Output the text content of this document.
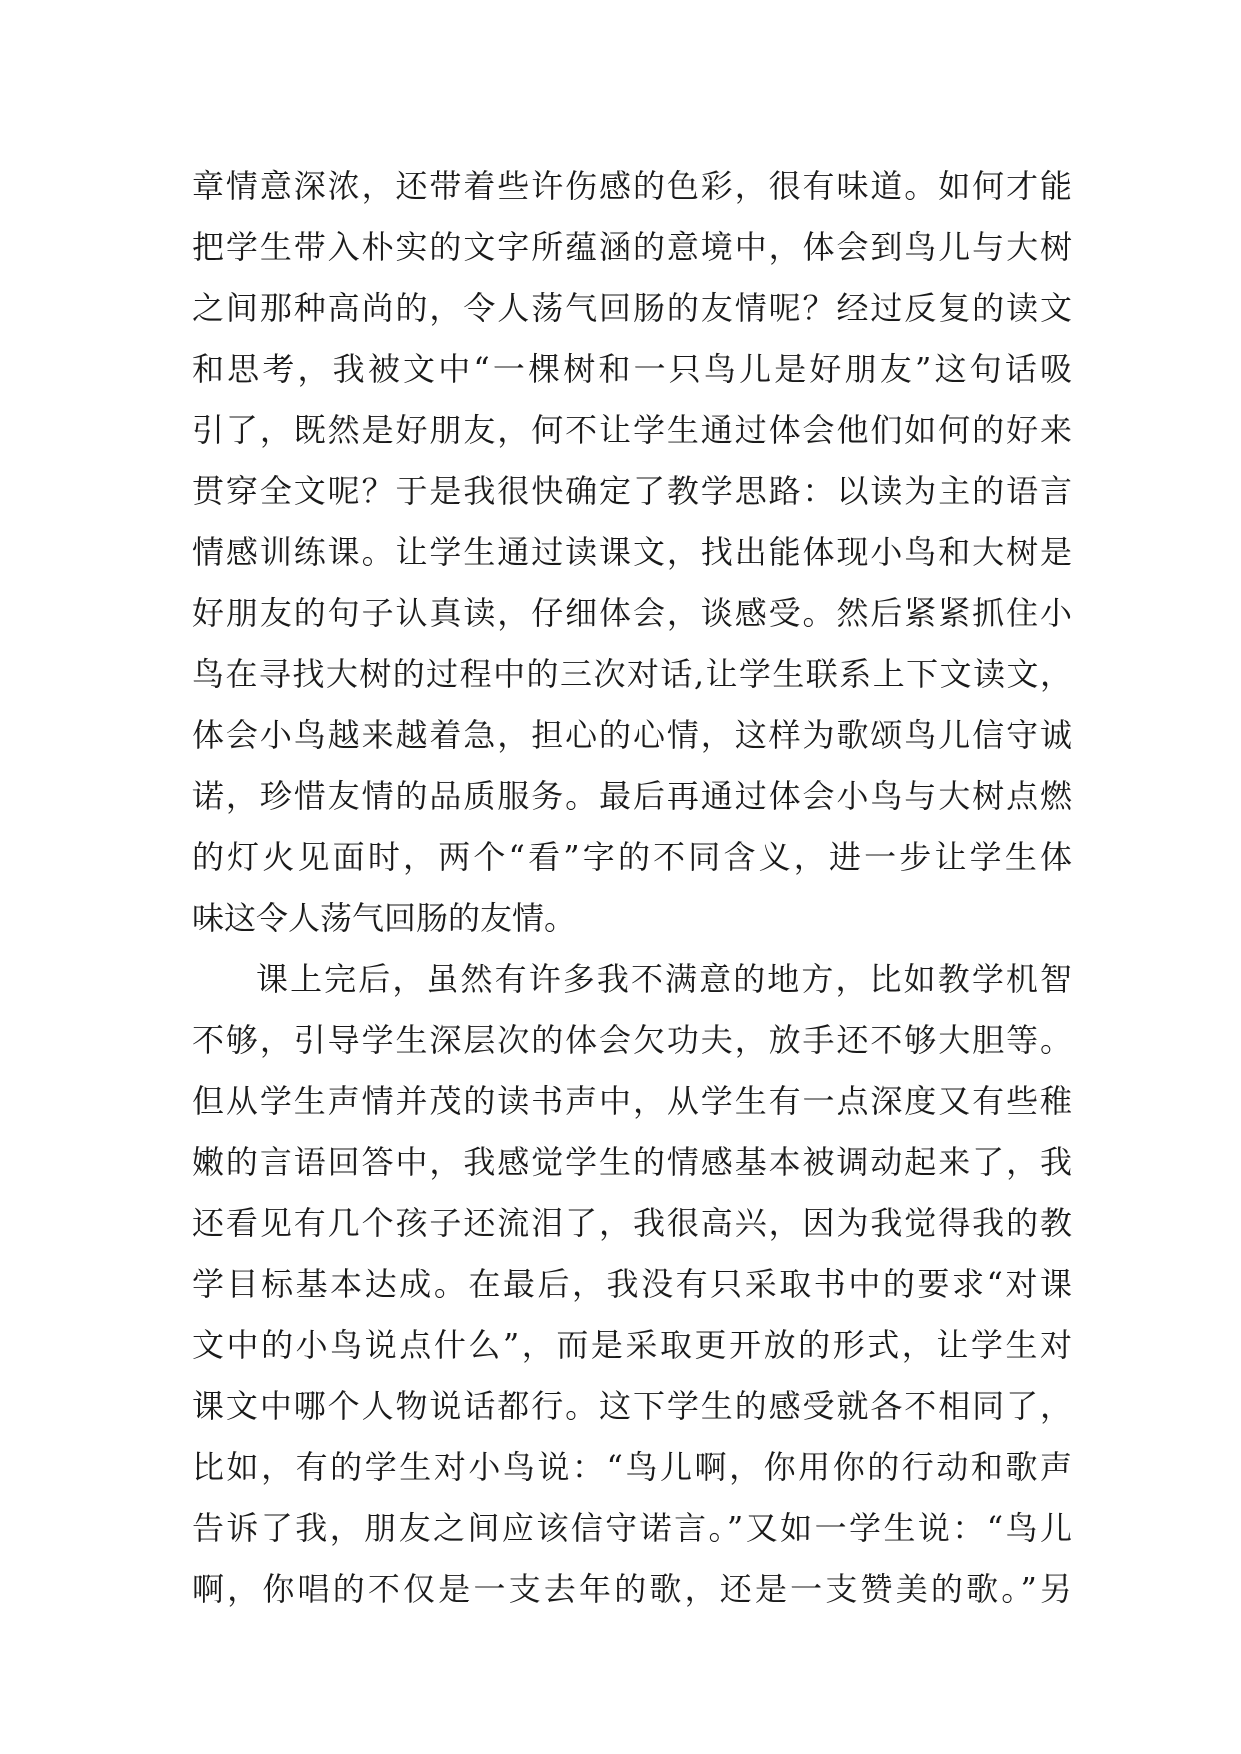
章情意深浓，还带着些许伤感的色彩，很有味道。如何才能
把学生带入朴实的文字所蕴涵的意境中，体会到鸟儿与大树
之间那种高尚的，令人荡气回肠的友情呢？经过反复的读文
和思考，我被文中“一棵树和一只鸟儿是好朋友”这句话吸
引了，既然是好朋友，何不让学生通过体会他们如何的好来
贯穿全文呢？于是我很快确定了教学思路：以读为主的语言
情感训练课。让学生通过读课文，找出能体现小鸟和大树是
好朋友的句子认真读，仔细体会，谈感受。然后紧紧抓住小
鸟在寻找大树的过程中的三次对话,让学生联系上下文读文，
体会小鸟越来越着急，担心的心情，这样为歌颂鸟儿信守诚
诺，珍惜友情的品质服务。最后再通过体会小鸟与大树点燃
的灯火见面时，两个“看”字的不同含义，进一步让学生体
味这令人荡气回肠的友情。
课上完后，虽然有许多我不满意的地方，比如教学机智
不够，引导学生深层次的体会欠功夫，放手还不够大胆等。
但从学生声情并茂的读书声中，从学生有一点深度又有些稚
嫩的言语回答中，我感觉学生的情感基本被调动起来了，我
还看见有几个孩子还流泪了，我很高兴，因为我觉得我的教
学目标基本达成。在最后，我没有只采取书中的要求“对课
文中的小鸟说点什么”，而是采取更开放的形式，让学生对
课文中哪个人物说话都行。这下学生的感受就各不相同了，
比如，有的学生对小鸟说：“鸟儿啊，你用你的行动和歌声
告诉了我，朋友之间应该信守诺言。”又如一学生说：“鸟儿
啊，你唱的不仅是一支去年的歌，还是一支赞美的歌。”另
